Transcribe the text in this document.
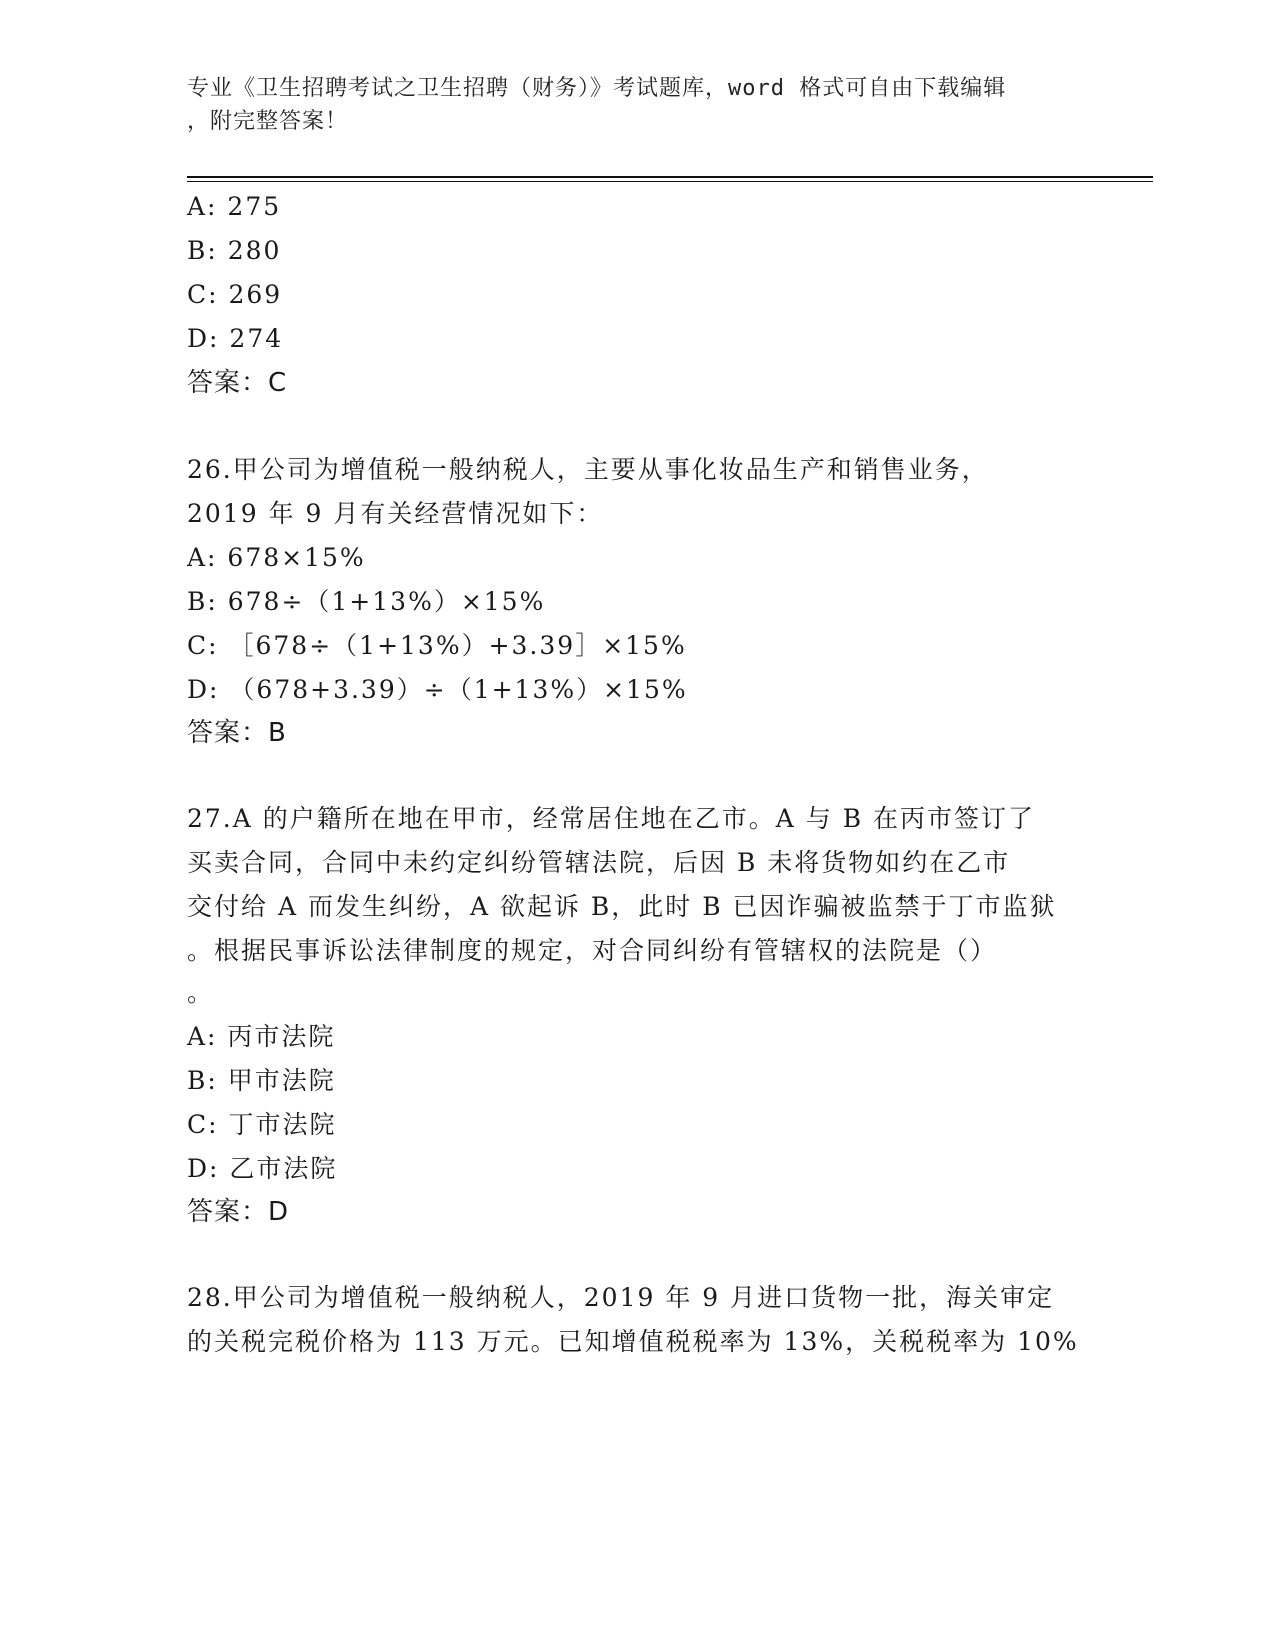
专业《卫生招聘考试之卫生招聘（财务）》考试题库，word 格式可自由下载编辑
，附完整答案！
A: 275
B: 280
C: 269
D: 274
答案：C
26.甲公司为增值税一般纳税人，主要从事化妆品生产和销售业务，
2019 年 9 月有关经营情况如下：
A: 678×15%
B: 678÷（1+13%）×15%
C: ［678÷（1+13%）+3.39］×15%
D: （678+3.39）÷（1+13%）×15%
答案：B
27.A 的户籍所在地在甲市，经常居住地在乙市。A 与 B 在丙市签订了
买卖合同，合同中未约定纠纷管辖法院，后因 B 未将货物如约在乙市
交付给 A 而发生纠纷，A 欲起诉 B，此时 B 已因诈骗被监禁于丁市监狱
。根据民事诉讼法律制度的规定，对合同纠纷有管辖权的法院是（）
。
A: 丙市法院
B: 甲市法院
C: 丁市法院
D: 乙市法院
答案：D
28.甲公司为增值税一般纳税人，2019 年 9 月进口货物一批，海关审定
的关税完税价格为 113 万元。已知增值税税率为 13%，关税税率为 10%
